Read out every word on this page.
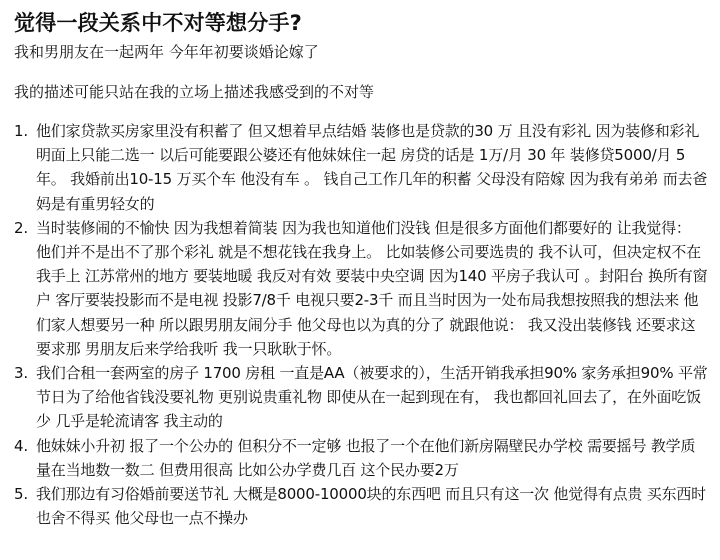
觉得一段关系中不对等想分手?

我和男朋友在一起两年 今年年初要谈婚论嫁了

我的描述可能只站在我的立场上描述我感受到的不对等

1. 他们家贷款买房家里没有积蓄了 但又想着早点结婚 装修也是贷款的30 万 且没有彩礼 因为装修和彩礼 明面上只能二选一 以后可能要跟公婆还有他妹妹住一起 房贷的话是 1万/月 30 年 装修贷5000/月 5年。 我婚前出10-15 万买个车 他没有车 。 钱自己工作几年的积蓄 父母没有陪嫁 因为我有弟弟 而去爸妈是有重男轻女的
2. 当时装修闹的不愉快 因为我想着简装 因为我也知道他们没钱 但是很多方面他们都要好的 让我觉得： 他们并不是出不了那个彩礼 就是不想花钱在我身上。 比如装修公司要选贵的 我不认可，但决定权不在我手上 江苏常州的地方 要装地暖 我反对有效 要装中央空调 因为140 平房子我认可 。封阳台 换所有窗户 客厅要装投影而不是电视 投影7/8千 电视只要2-3千 而且当时因为一处布局我想按照我的想法来 他们家人想要另一种 所以跟男朋友闹分手 他父母也以为真的分了 就跟他说： 我又没出装修钱 还要求这要求那 男朋友后来学给我听 我一只耿耿于怀。
3. 我们合租一套两室的房子 1700 房租 一直是AA（被要求的），生活开销我承担90% 家务承担90% 平常节日为了给他省钱没要礼物 更别说贵重礼物 即使从在一起到现在有， 我也都回礼回去了，在外面吃饭少 几乎是轮流请客 我主动的
4. 他妹妹小升初 报了一个公办的 但积分不一定够 也报了一个在他们新房隔壁民办学校 需要摇号 教学质量在当地数一数二 但费用很高 比如公办学费几百 这个民办要2万
5. 我们那边有习俗婚前要送节礼 大概是8000-10000块的东西吧 而且只有这一次 他觉得有点贵 买东西时也舍不得买 他父母也一点不操办
